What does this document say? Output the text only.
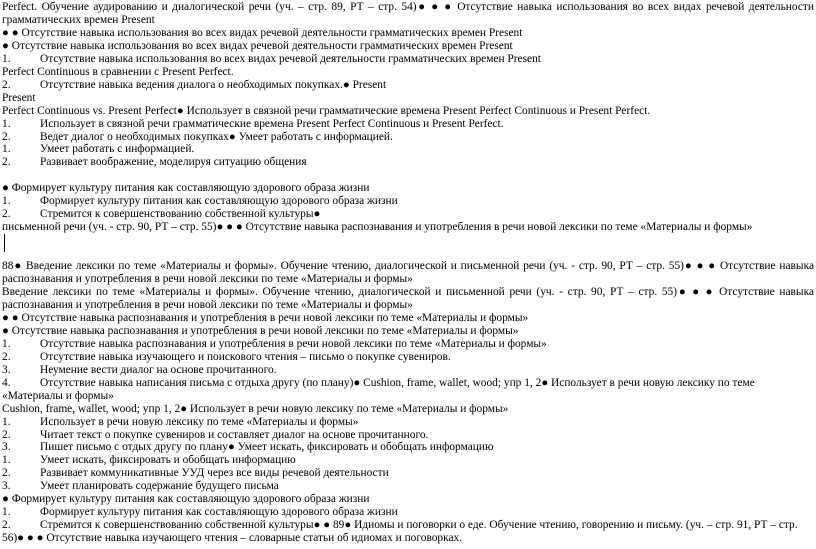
Perfect. Обучение аудированию и диалогической речи (уч. – стр. 89, РТ – стр. 54)● ● ● Отсутствие навыка использования во всех видах речевой деятельности грамматических времен Present
● ● Отсутствие навыка использования во всех видах речевой деятельности грамматических времен Present
● Отсутствие навыка использования во всех видах речевой деятельности грамматических времен Present
1.	Отсутствие навыка использования во всех видах речевой деятельности грамматических времен Present
Perfect Continuous в сравнении с Present Perfect.
2.	Отсутствие навыка ведения диалога о необходимых покупках.● Present
Present
Perfect Continuous vs. Present Perfect● Использует в связной речи грамматические времена Present Perfect Continuous и Present Perfect.
1.	Использует в связной речи грамматические времена Present Perfect Continuous и Present Perfect.
2.	Ведет диалог о необходимых покупках● Умеет работать с информацией.
1.	Умеет работать с информацией.
2.	Развивает воображение, моделируя ситуацию общения
● Формирует культуру питания как составляющую здорового образа жизни
1.	Формирует культуру питания как составляющую здорового образа жизни
2.	Стремится к совершенствованию собственной культуры●
письменной речи (уч. - стр. 90, РТ – стр. 55)● ● ● Отсутствие навыка распознавания и употребления в речи новой лексики по теме «Материалы и формы»
88● Введение лексики по теме «Материалы и формы». Обучение чтению, диалогической и письменной речи (уч. - стр. 90, РТ – стр. 55)● ● ● Отсутствие навыка распознавания и употребления в речи новой лексики по теме «Материалы и формы»
Введение лексики по теме «Материалы и формы». Обучение чтению, диалогической и письменной речи (уч. - стр. 90, РТ – стр. 55)● ● ● Отсутствие навыка распознавания и употребления в речи новой лексики по теме «Материалы и формы»
● ● Отсутствие навыка распознавания и употребления в речи новой лексики по теме «Материалы и формы»
● Отсутствие навыка распознавания и употребления в речи новой лексики по теме «Материалы и формы»
1.	Отсутствие навыка распознавания и употребления в речи новой лексики по теме «Материалы и формы»
2.	Отсутствие навыка изучающего и поискового чтения – письмо о покупке сувениров.
3.	Неумение вести диалог на основе прочитанного.
4.	Отсутствие навыка написания письма с отдыха другу (по плану)● Cushion, frame, wallet, wood; упр 1, 2● Использует в речи новую лексику по теме «Материалы и формы»
Cushion, frame, wallet, wood; упр 1, 2● Использует в речи новую лексику по теме «Материалы и формы»
1.	Использует в речи новую лексику по теме «Материалы и формы»
2.	Читает текст о покупке сувениров и составляет диалог на основе прочитанного.
3.	Пишет письмо с отдых другу по плану● Умеет искать, фиксировать и обобщать информацию
1.	Умеет искать, фиксировать и обобщать информацию
2.	Развивает коммуникативные УУД через все виды речевой деятельности
3.	Умеет планировать содержание будущего письма
● Формирует культуру питания как составляющую здорового образа жизни
1.	Формирует культуру питания как составляющую здорового образа жизни
2.	Стремится к совершенствованию собственной культуры● ● 89● Идиомы и поговорки о еде. Обучение чтению, говорению и письму. (уч. – стр. 91, РТ – стр. 56)● ● ● Отсутствие навыка изучающего чтения – словарные статьи об идиомах и поговорках.
